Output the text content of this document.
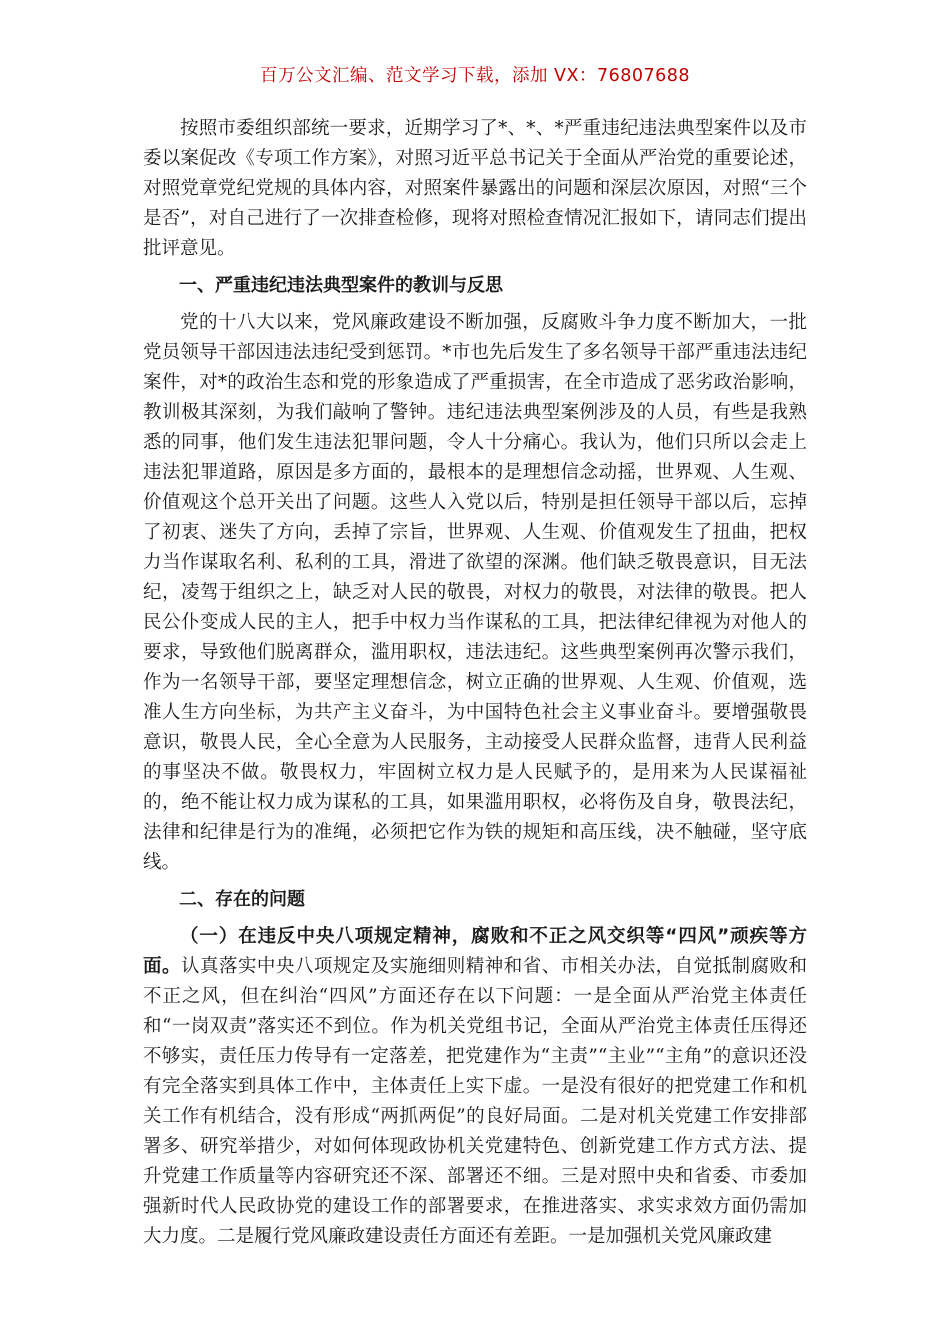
百万公文汇编、范文学习下载，添加 VX：76807688

按照市委组织部统一要求，近期学习了*、*、*严重违纪违法典型案件以及市委以案促改《专项工作方案》，对照习近平总书记关于全面从严治党的重要论述，对照党章党纪党规的具体内容，对照案件暴露出的问题和深层次原因，对照“三个是否”，对自己进行了一次排查检修，现将对照检查情况汇报如下，请同志们提出批评意见。

一、严重违纪违法典型案件的教训与反思

党的十八大以来，党风廉政建设不断加强，反腐败斗争力度不断加大，一批党员领导干部因违法违纪受到惩罚。*市也先后发生了多名领导干部严重违法违纪案件，对*的政治生态和党的形象造成了严重损害，在全市造成了恶劣政治影响，教训极其深刻，为我们敲响了警钟。违纪违法典型案例涉及的人员，有些是我熟悉的同事，他们发生违法犯罪问题，令人十分痛心。我认为，他们只所以会走上违法犯罪道路，原因是多方面的，最根本的是理想信念动摇，世界观、人生观、价值观这个总开关出了问题。这些人入党以后，特别是担任领导干部以后，忘掉了初衷、迷失了方向，丢掉了宗旨，世界观、人生观、价值观发生了扭曲，把权力当作谋取名利、私利的工具，滑进了欲望的深渊。他们缺乏敬畏意识，目无法纪，凌驾于组织之上，缺乏对人民的敬畏，对权力的敬畏，对法律的敬畏。把人民公仆变成人民的主人，把手中权力当作谋私的工具，把法律纪律视为对他人的要求，导致他们脱离群众，滥用职权，违法违纪。这些典型案例再次警示我们，作为一名领导干部，要坚定理想信念，树立正确的世界观、人生观、价值观，选准人生方向坐标，为共产主义奋斗，为中国特色社会主义事业奋斗。要增强敬畏意识，敬畏人民，全心全意为人民服务，主动接受人民群众监督，违背人民利益的事坚决不做。敬畏权力，牢固树立权力是人民赋予的，是用来为人民谋福祉的，绝不能让权力成为谋私的工具，如果滥用职权，必将伤及自身，敬畏法纪，法律和纪律是行为的准绳，必须把它作为铁的规矩和高压线，决不触碰，坚守底线。

二、存在的问题

（一）在违反中央八项规定精神，腐败和不正之风交织等“四风”顽疾等方面。认真落实中央八项规定及实施细则精神和省、市相关办法，自觉抵制腐败和不正之风，但在纠治“四风”方面还存在以下问题：一是全面从严治党主体责任和“一岗双责”落实还不到位。作为机关党组书记，全面从严治党主体责任压得还不够实，责任压力传导有一定落差，把党建作为“主责”“主业”“主角”的意识还没有完全落实到具体工作中，主体责任上实下虚。一是没有很好的把党建工作和机关工作有机结合，没有形成“两抓两促”的良好局面。二是对机关党建工作安排部署多、研究举措少，对如何体现政协机关党建特色、创新党建工作方式方法、提升党建工作质量等内容研究还不深、部署还不细。三是对照中央和省委、市委加强新时代人民政协党的建设工作的部署要求，在推进落实、求实求效方面仍需加大力度。二是履行党风廉政建设责任方面还有差距。一是加强机关党风廉政建
